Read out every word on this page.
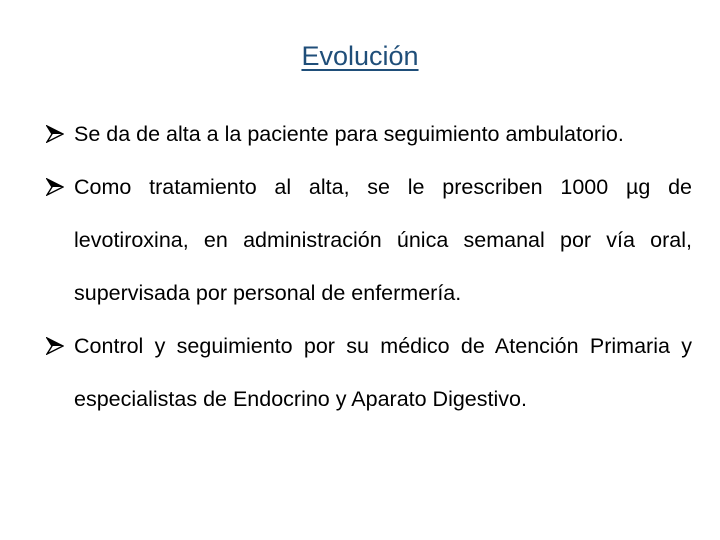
Evolución
Se da de alta a la paciente para seguimiento ambulatorio.
Como tratamiento al alta, se le prescriben 1000 µg de levotiroxina, en administración única semanal por vía oral, supervisada por personal de enfermería.
Control y seguimiento por su médico de Atención Primaria y especialistas de Endocrino y Aparato Digestivo.
